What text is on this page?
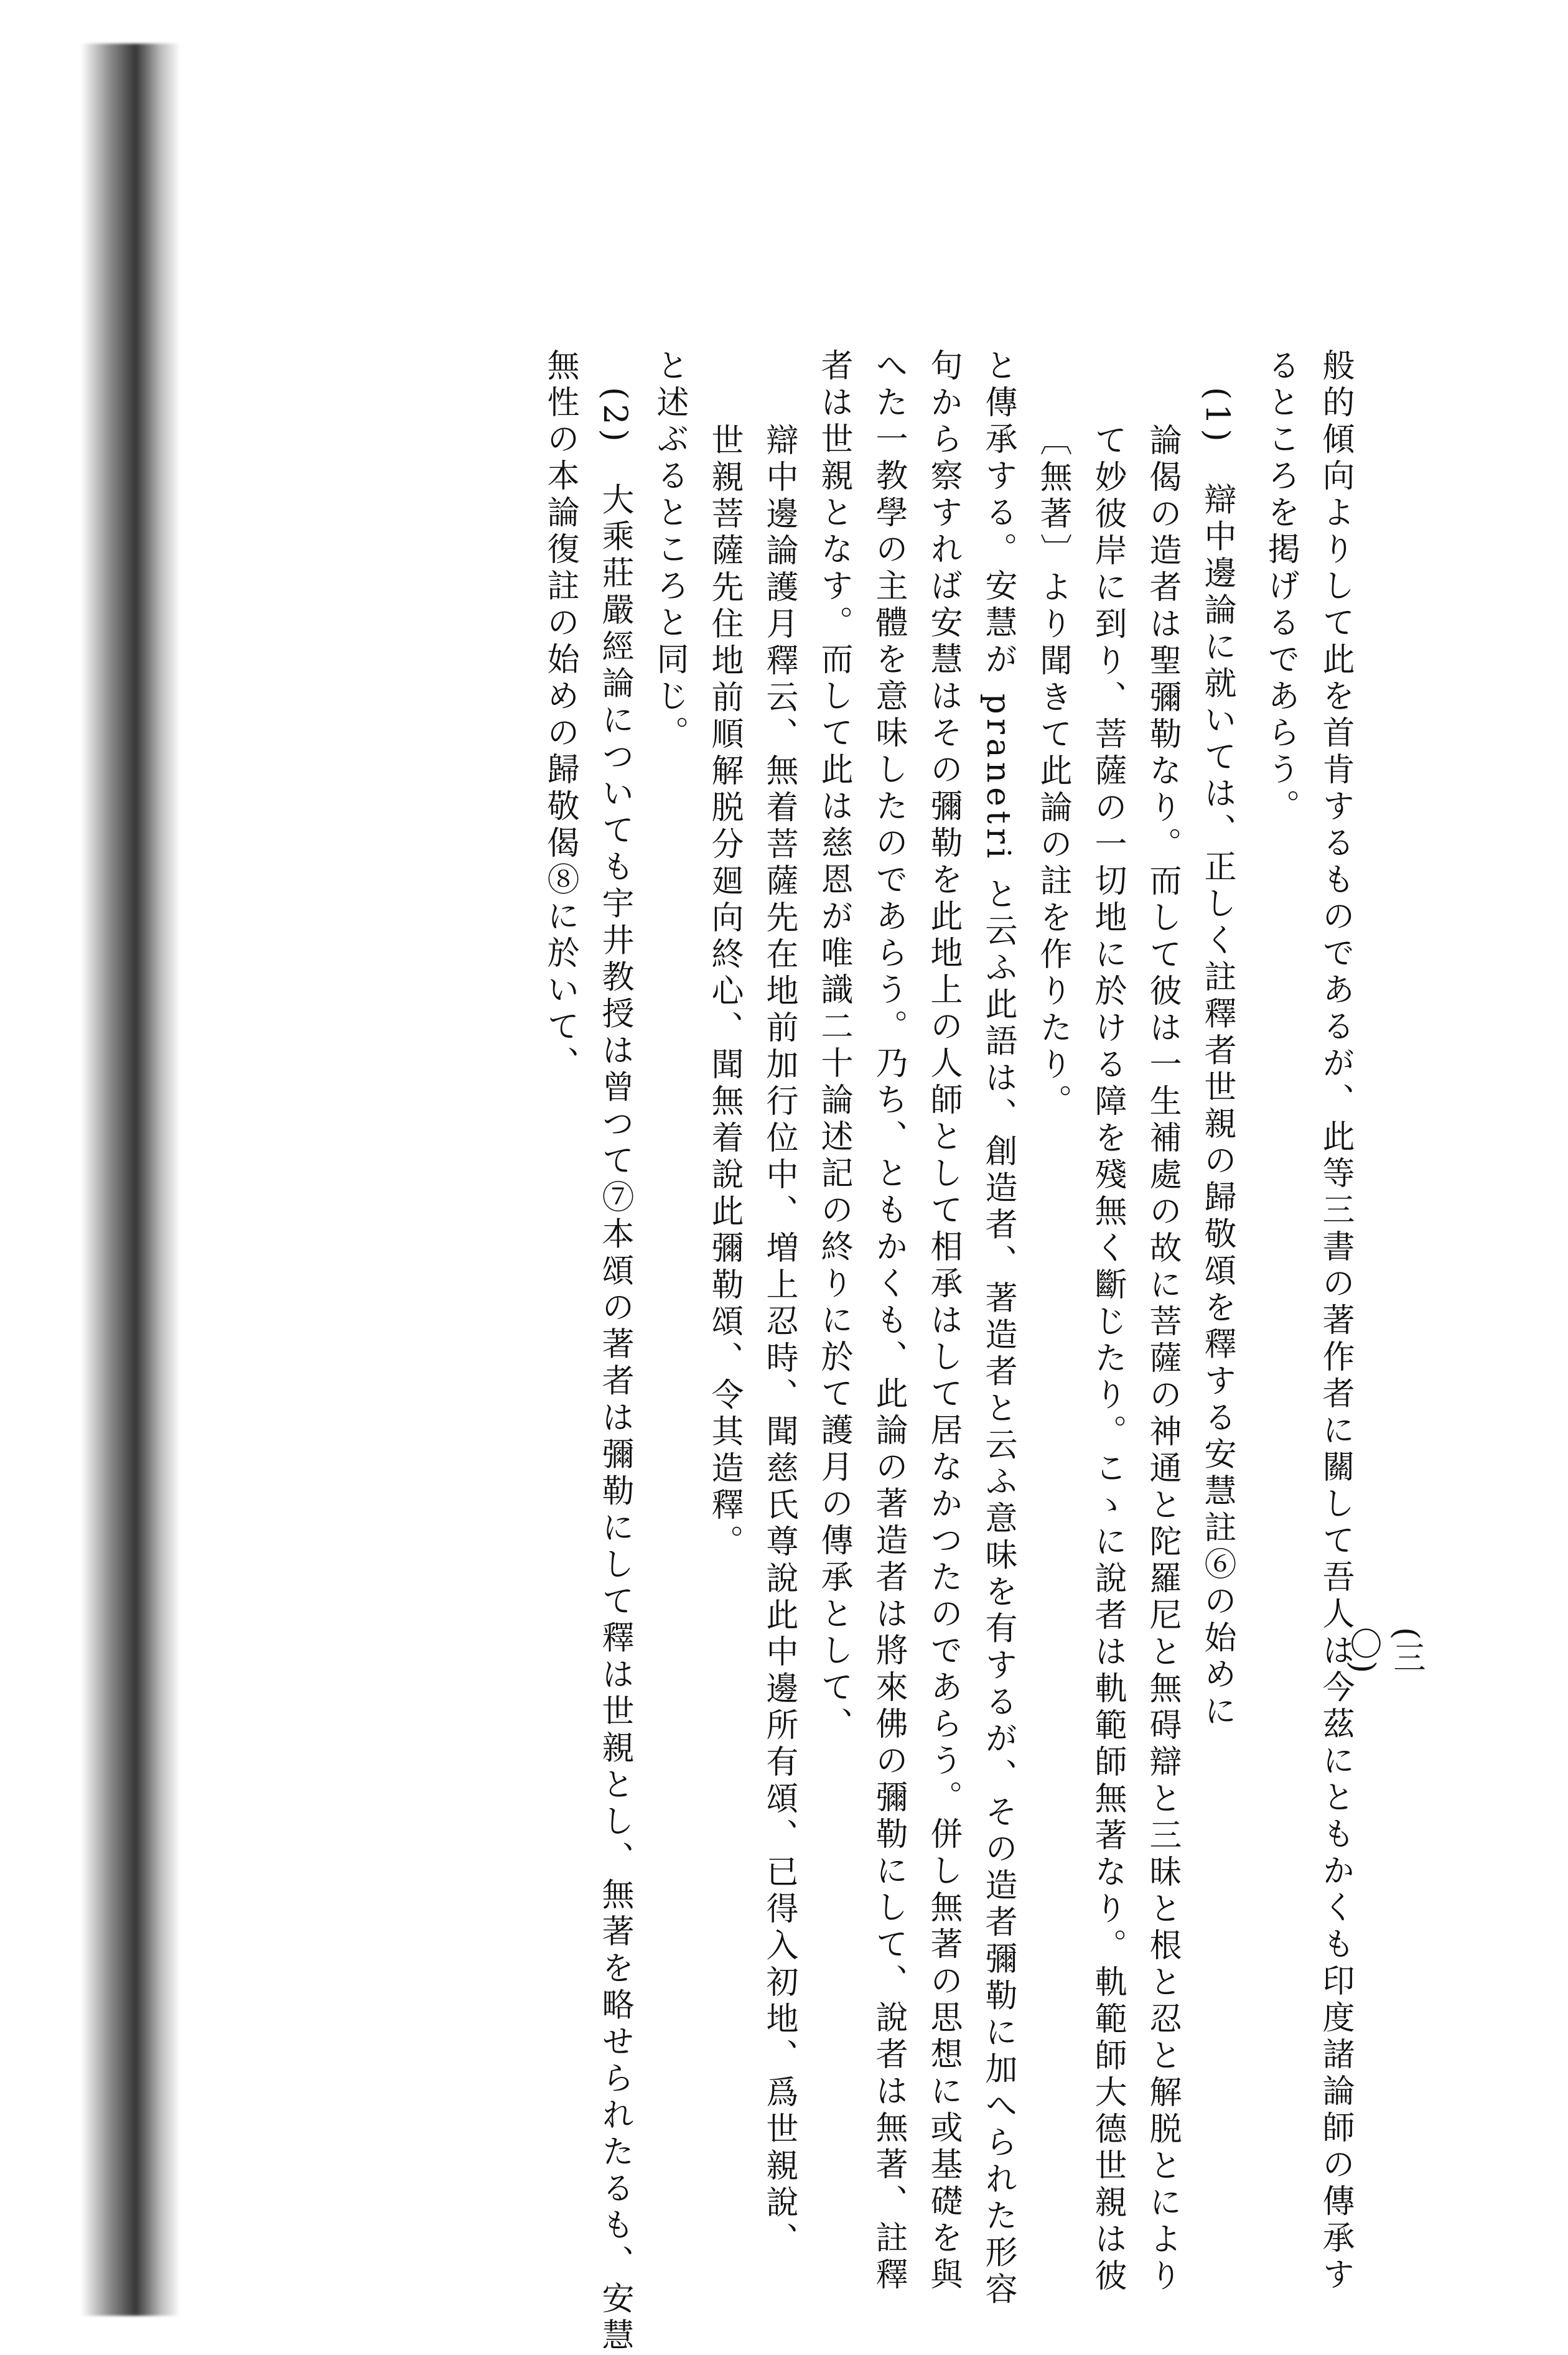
(三〇)
般的傾向よりして此を首肯するものであるが、此等三書の著作者に關して吾人は今茲にともかくも印度諸論師の傳承す
るところを掲げるであらう。
(1)　辯中邊論に就いては、正しく註釋者世親の歸敬頌を釋する安慧註⑥の始めに
論偈の造者は聖彌勒なり。而して彼は一生補處の故に菩薩の神通と陀羅尼と無碍辯と三昧と根と忍と解脱とにより
て妙彼岸に到り、菩薩の一切地に於ける障を殘無く斷じたり。こゝに說者は軌範師無著なり。軌範師大德世親は彼
〔無著〕より聞きて此論の註を作りたり。
と傳承する。安慧が pranetri と云ふ此語は、創造者、著造者と云ふ意味を有するが、その造者彌勒に加へられた形容
句から察すれば安慧はその彌勒を此地上の人師として相承はして居なかつたのであらう。併し無著の思想に或基礎を與
へた一教學の主體を意味したのであらう。乃ち、ともかくも、此論の著造者は將來佛の彌勒にして、說者は無著、註釋
者は世親となす。而して此は慈恩が唯識二十論述記の終りに於て護月の傳承として、
辯中邊論護月釋云、無着菩薩先在地前加行位中、増上忍時、聞慈氏尊說此中邊所有頌、已得入初地、爲世親說、
世親菩薩先住地前順解脱分廻向終心、聞無着說此彌勒頌、令其造釋。
と述ぶるところと同じ。
(2)　大乘莊嚴經論についても宇井教授は曾つて⑦本頌の著者は彌勒にして釋は世親とし、無著を略せられたるも、安慧
無性の本論復註の始めの歸敬偈⑧に於いて、
